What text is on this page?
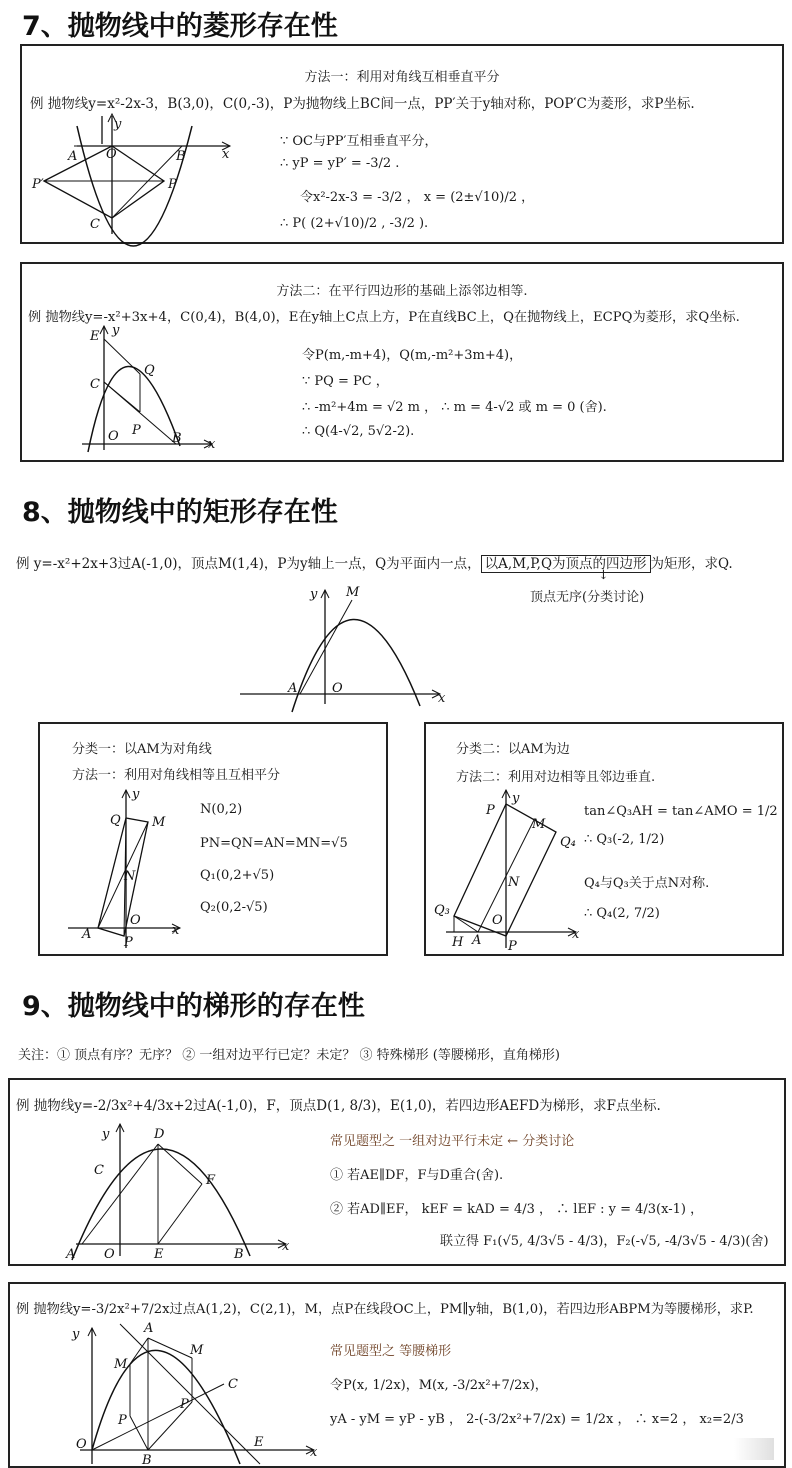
7、抛物线中的菱形存在性
方法一：利用对角线互相垂直平分
例 抛物线y=x²-2x-3，B(3,0)，C(0,-3)，P为抛物线上BC间一点，PP′关于y轴对称，POP′C为菱形，求P坐标.
∵ OC与PP′互相垂直平分，
∴ yP = yP′ = -3/2 .
令x²-2x-3 = -3/2 ， x = (2±√10)/2 ，
∴ P( (2+√10)/2 , -3/2 ).
y
x
A O	B
P′	P
C
方法二：在平行四边形的基础上添邻边相等.
例 抛物线y=-x²+3x+4，C(0,4)，B(4,0)，E在y轴上C点上方，P在直线BC上，Q在抛物线上，ECPQ为菱形，求Q坐标.
令P(m,-m+4)，Q(m,-m²+3m+4)，
∵ PQ = PC ，
∴ -m²+4m = √2 m ， ∴ m = 4-√2 或 m = 0 (舍).
∴ Q(4-√2, 5√2-2).
E y
C
Q
O P
B x
8、抛物线中的矩形存在性
例 y=-x²+2x+3过A(-1,0)，顶点M(1,4)，P为y轴上一点，Q为平面内一点， 以A,M,P,Q为顶点的四边形 为矩形，求Q.
↓
顶点无序(分类讨论)
y M
A	O
x
分类一：以AM为对角线
方法一：利用对角线相等且互相平分
N(0,2)
PN=QN=AN=MN=√5
Q₁(0,2+√5)
Q₂(0,2-√5)
y
Q M
N
O
A
P
x
分类二：以AM为边
方法二：利用对边相等且邻边垂直.
tan∠Q₃AH = tan∠AMO = 1/2
∴ Q₃(-2, 1/2)
Q₄与Q₃关于点N对称.
∴ Q₄(2, 7/2)
P
y
M
Q₄
N
Q₃
H A
O
P
x
9、抛物线中的梯形的存在性
关注：① 顶点有序？无序？ ② 一组对边平行已定？未定？ ③ 特殊梯形 (等腰梯形，直角梯形)
例 抛物线y=-2/3x²+4/3x+2过A(-1,0)，F，顶点D(1, 8/3)，E(1,0)，若四边形AEFD为梯形，求F点坐标.
常见题型之 一组对边平行未定 ← 分类讨论
① 若AE∥DF，F与D重合(舍).
② 若AD∥EF， kEF = kAD = 4/3 ， ∴ lEF : y = 4/3(x-1) ，
联立得 F₁(√5, 4/3√5 - 4/3)，F₂(-√5, -4/3√5 - 4/3)(舍)
y	D
C
F
A O	E	B
x
例 抛物线y=-3/2x²+7/2x过点A(1,2)，C(2,1)，M，点P在线段OC上，PM∥y轴，B(1,0)，若四边形ABPM为等腰梯形，求P.
常见题型之 等腰梯形
令P(x, 1/2x)，M(x, -3/2x²+7/2x)，
yA - yM = yP - yB ， 2-(-3/2x²+7/2x) = 1/2x ， ∴ x=2 ， x₂=2/3
y	A
M
M
P
P
C
O
B
E
x
